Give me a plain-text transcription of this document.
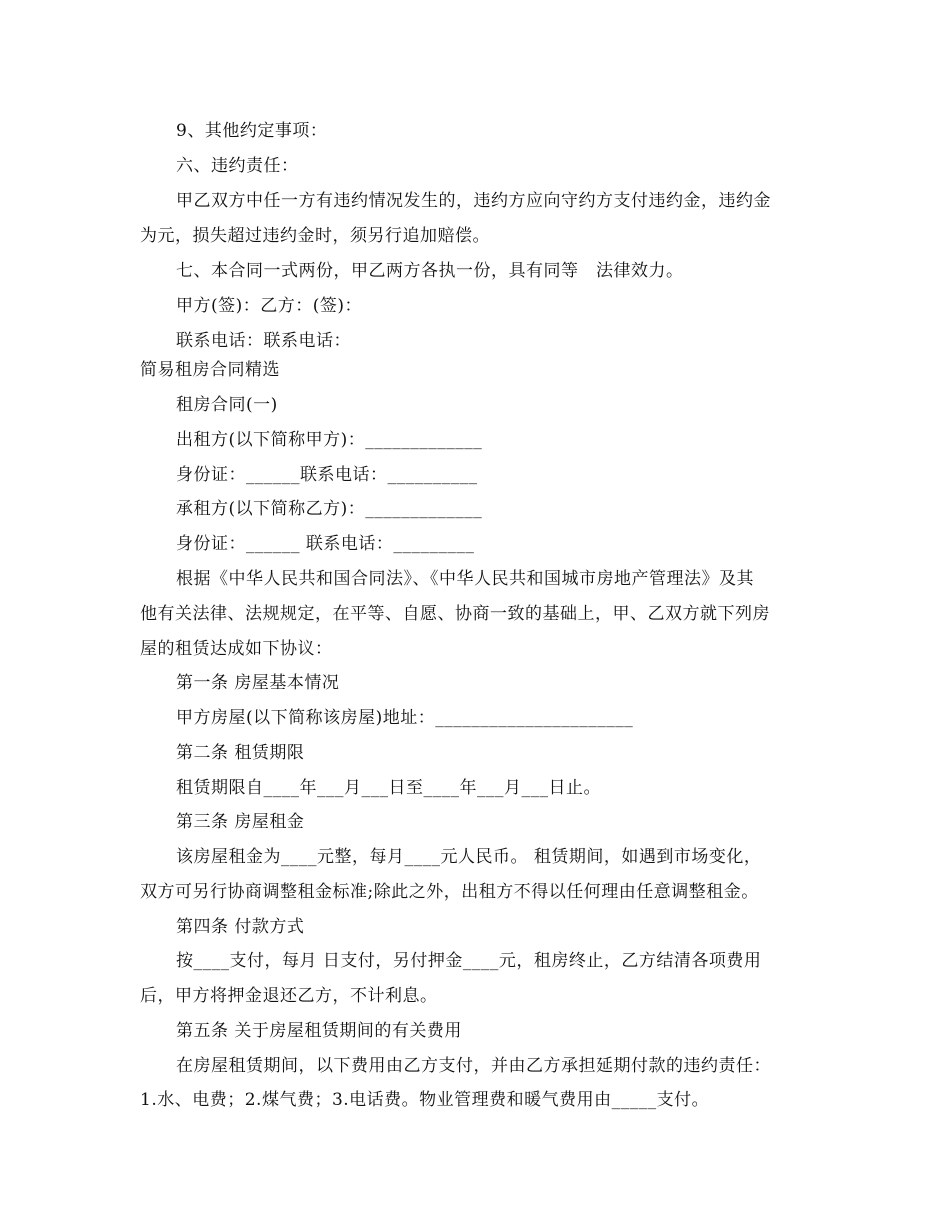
9、其他约定事项：
六、违约责任：
甲乙双方中任一方有违约情况发生的，违约方应向守约方支付违约金，违约金
为元，损失超过违约金时，须另行追加赔偿。
七、本合同一式两份，甲乙两方各执一份，具有同等　法律效力。
甲方(签)：乙方：(签)：
联系电话：联系电话：
简易租房合同精选
租房合同(一)
出租方(以下简称甲方)：_____________
身份证：______联系电话：__________
承租方(以下简称乙方)：_____________
身份证：______ 联系电话：_________
根据《中华人民共和国合同法》、《中华人民共和国城市房地产管理法》及其
他有关法律、法规规定，在平等、自愿、协商一致的基础上，甲、乙双方就下列房
屋的租赁达成如下协议：
第一条 房屋基本情况
甲方房屋(以下简称该房屋)地址：______________________
第二条 租赁期限
租赁期限自____年___月___日至____年___月___日止。
第三条 房屋租金
该房屋租金为____元整，每月____元人民币。 租赁期间，如遇到市场变化，
双方可另行协商调整租金标准;除此之外，出租方不得以任何理由任意调整租金。
第四条 付款方式
按____支付，每月 日支付，另付押金____元，租房终止，乙方结清各项费用
后，甲方将押金退还乙方，不计利息。
第五条 关于房屋租赁期间的有关费用
在房屋租赁期间，以下费用由乙方支付，并由乙方承担延期付款的违约责任：
1.水、电费；2.煤气费；3.电话费。物业管理费和暖气费用由_____支付。
